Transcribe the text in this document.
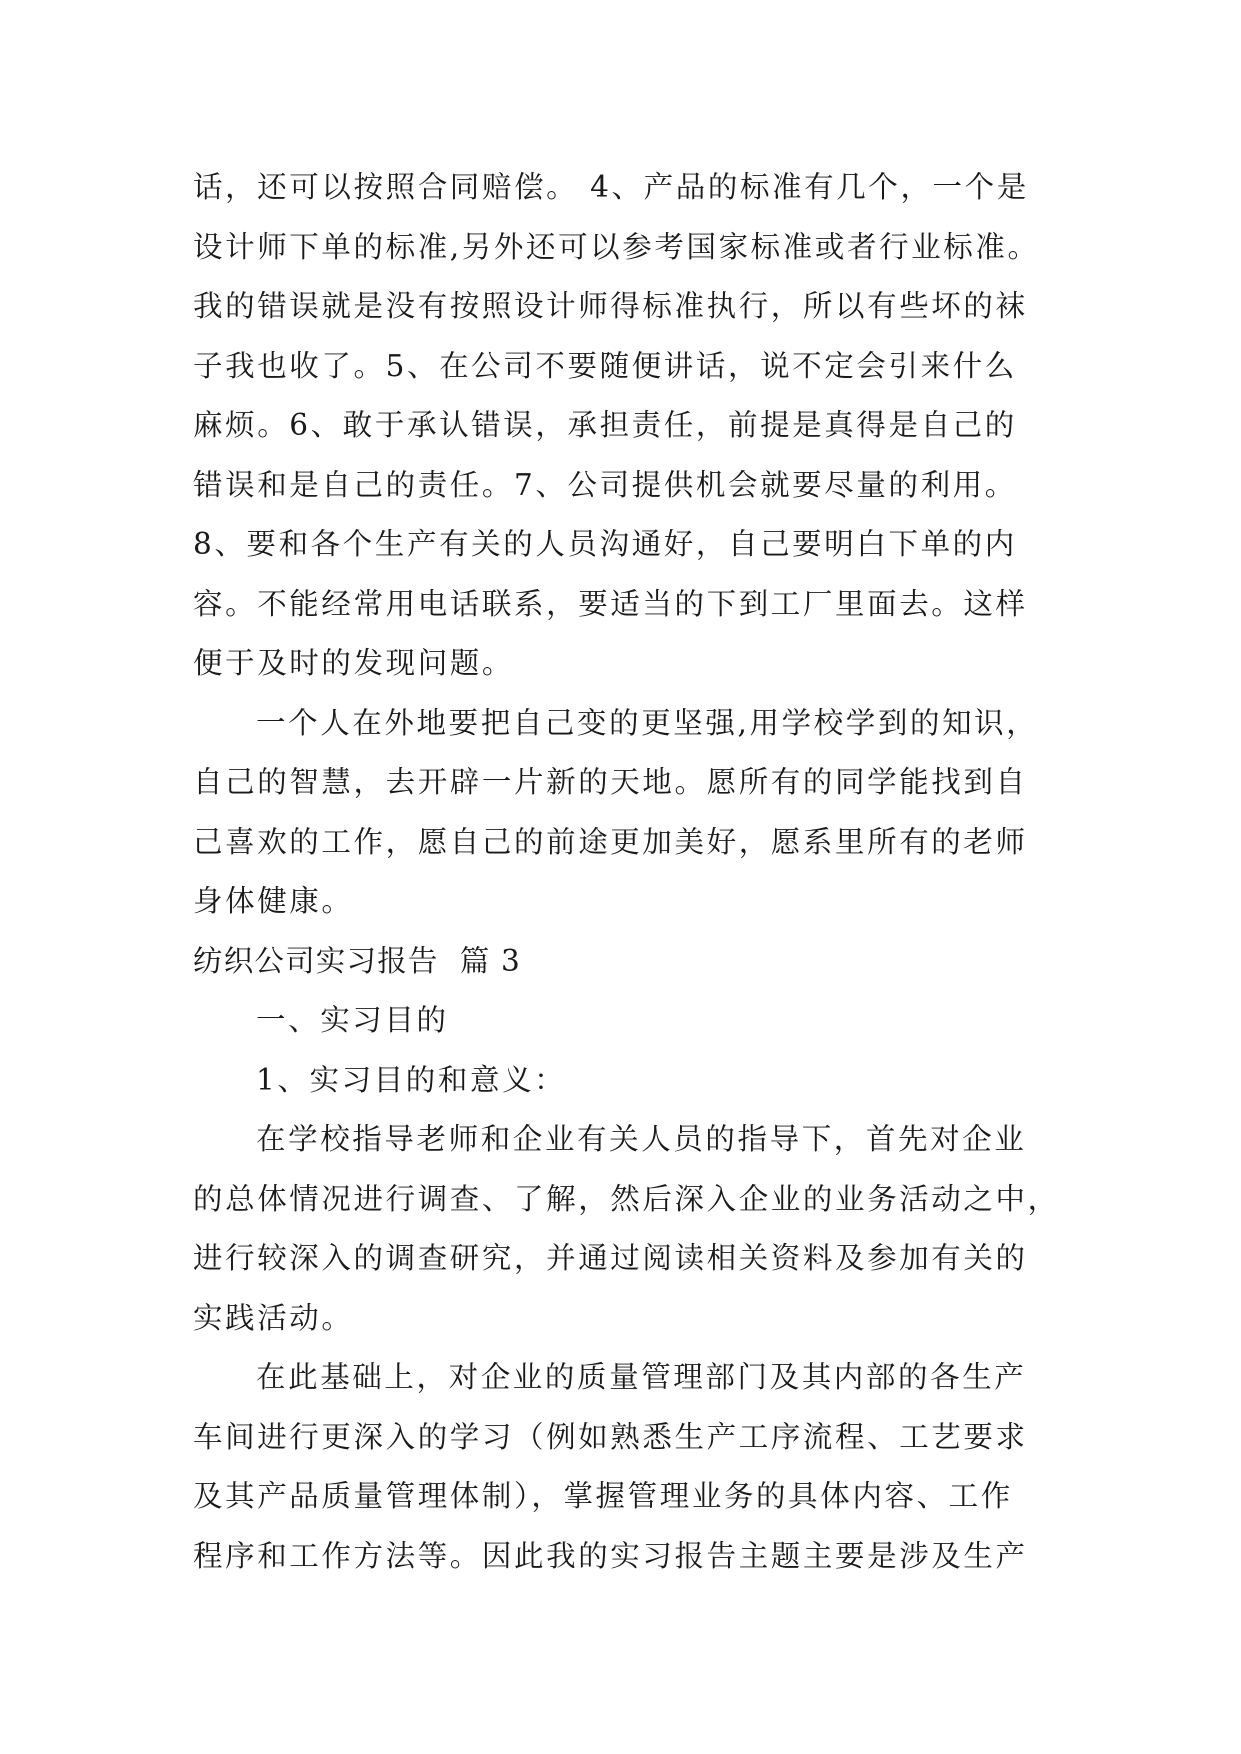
话，还可以按照合同赔偿。 4、产品的标准有几个，一个是
设计师下单的标准,另外还可以参考国家标准或者行业标准。
我的错误就是没有按照设计师得标准执行，所以有些坏的袜
子我也收了。5、在公司不要随便讲话，说不定会引来什么
麻烦。6、敢于承认错误，承担责任，前提是真得是自己的
错误和是自己的责任。7、公司提供机会就要尽量的利用。
8、要和各个生产有关的人员沟通好，自己要明白下单的内
容。不能经常用电话联系，要适当的下到工厂里面去。这样
便于及时的发现问题。
一个人在外地要把自己变的更坚强,用学校学到的知识，
自己的智慧，去开辟一片新的天地。愿所有的同学能找到自
己喜欢的工作，愿自己的前途更加美好，愿系里所有的老师
身体健康。
纺织公司实习报告  篇 3
一、实习目的
1、实习目的和意义：
在学校指导老师和企业有关人员的指导下，首先对企业
的总体情况进行调查、了解，然后深入企业的业务活动之中，
进行较深入的调查研究，并通过阅读相关资料及参加有关的
实践活动。
在此基础上，对企业的质量管理部门及其内部的各生产
车间进行更深入的学习（例如熟悉生产工序流程、工艺要求
及其产品质量管理体制），掌握管理业务的具体内容、工作
程序和工作方法等。因此我的实习报告主题主要是涉及生产
